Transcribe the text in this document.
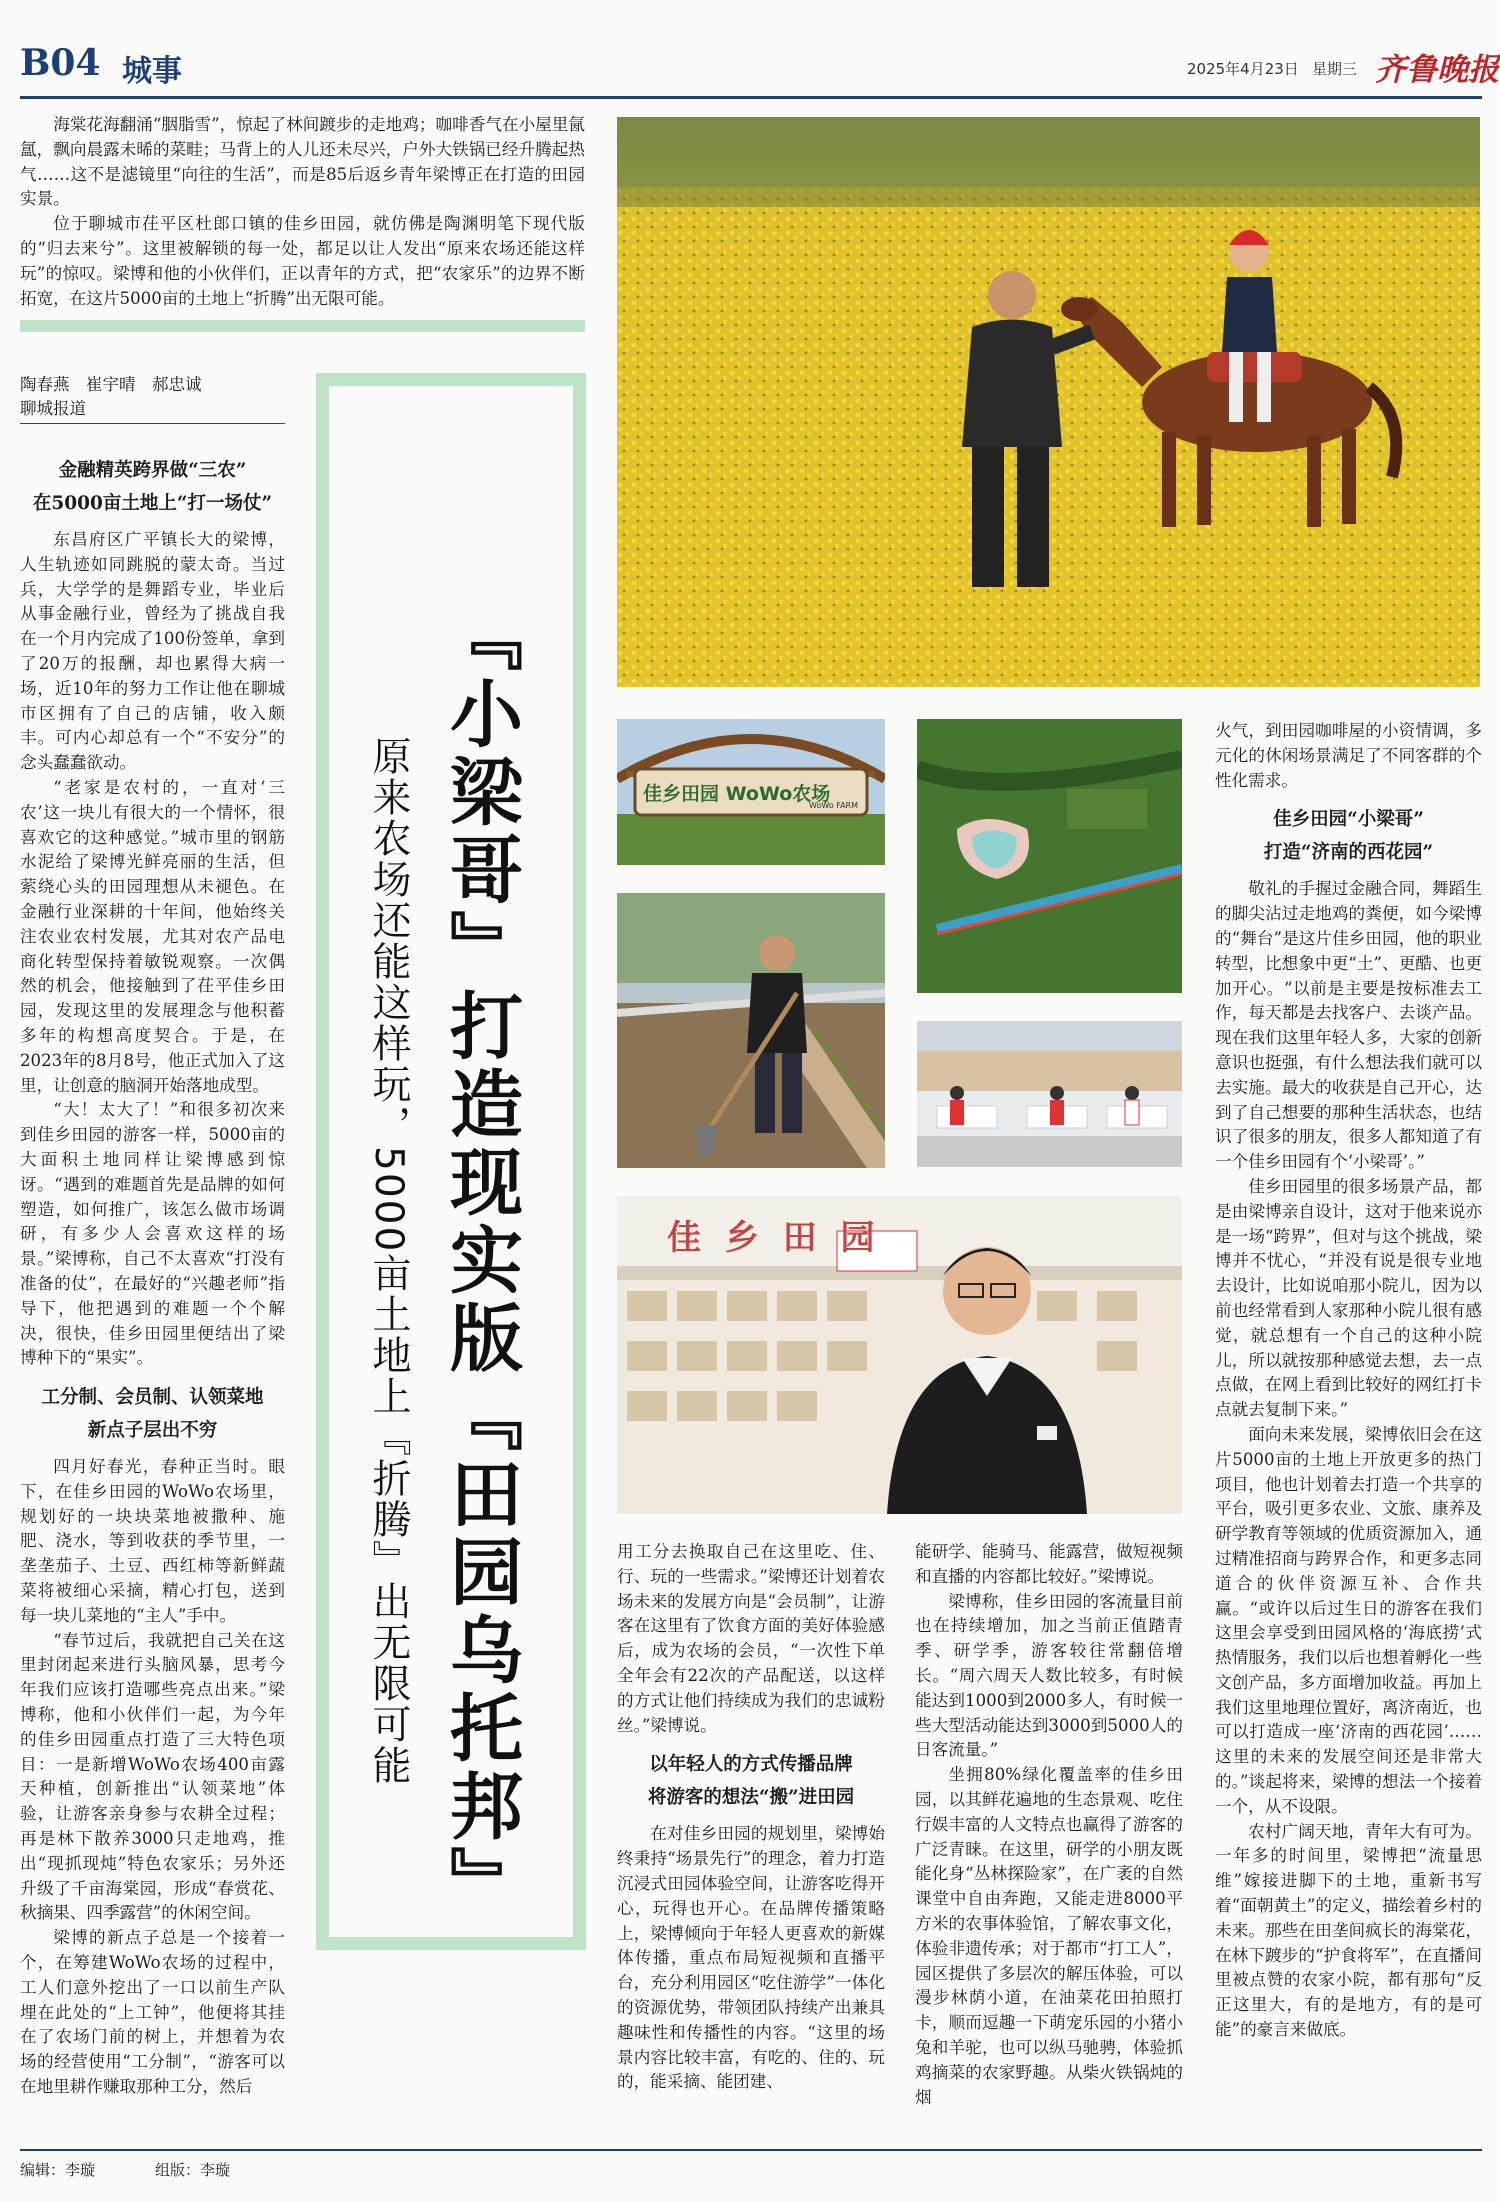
B04 城事	2025年4月23日 星期三 齐鲁晚报

海棠花海翻涌“胭脂雪”，惊起了林间踱步的走地鸡；咖啡香气在小屋里氤氲，飘向晨露未晞的菜畦；马背上的人儿还未尽兴，户外大铁锅已经升腾起热气……这不是滤镜里“向往的生活”，而是85后返乡青年梁博正在打造的田园实景。

位于聊城市茌平区杜郎口镇的佳乡田园，就仿佛是陶渊明笔下现代版的“归去来兮”。这里被解锁的每一处，都足以让人发出“原来农场还能这样玩”的惊叹。梁博和他的小伙伴们，正以青年的方式，把“农家乐”的边界不断拓宽，在这片5000亩的土地上“折腾”出无限可能。

陶春燕　崔宇晴　郝忠诚
聊城报道
『小梁哥』打造现实版『田园乌托邦』
原来农场还能这样玩，5000亩土地上『折腾』出无限可能
金融精英跨界做“三农”
在5000亩土地上“打一场仗”

东昌府区广平镇长大的梁博，人生轨迹如同跳脱的蒙太奇。当过兵，大学学的是舞蹈专业，毕业后从事金融行业，曾经为了挑战自我在一个月内完成了100份签单，拿到了20万的报酬，却也累得大病一场，近10年的努力工作让他在聊城市区拥有了自己的店铺，收入颇丰。可内心却总有一个“不安分”的念头蠢蠢欲动。

“老家是农村的，一直对‘三农’这一块儿有很大的一个情怀，很喜欢它的这种感觉。”城市里的钢筋水泥给了梁博光鲜亮丽的生活，但萦绕心头的田园理想从未褪色。在金融行业深耕的十年间，他始终关注农业农村发展，尤其对农产品电商化转型保持着敏锐观察。一次偶然的机会，他接触到了茌平佳乡田园，发现这里的发展理念与他积蓄多年的构想高度契合。于是，在2023年的8月8号，他正式加入了这里，让创意的脑洞开始落地成型。

“大！太大了！”和很多初次来到佳乡田园的游客一样，5000亩的大面积土地同样让梁博感到惊讶。“遇到的难题首先是品牌的如何塑造，如何推广，该怎么做市场调研，有多少人会喜欢这样的场景。”梁博称，自己不太喜欢“打没有准备的仗”，在最好的“兴趣老师”指导下，他把遇到的难题一个个解决，很快，佳乡田园里便结出了梁博种下的“果实”。

工分制、会员制、认领菜地
新点子层出不穷

四月好春光，春种正当时。眼下，在佳乡田园的WoWo农场里，规划好的一块块菜地被撒种、施肥、浇水，等到收获的季节里，一垄垄茄子、土豆、西红柿等新鲜蔬菜将被细心采摘，精心打包，送到每一块儿菜地的“主人”手中。

“春节过后，我就把自己关在这里封闭起来进行头脑风暴，思考今年我们应该打造哪些亮点出来。”梁博称，他和小伙伴们一起，为今年的佳乡田园重点打造了三大特色项目：一是新增WoWo农场400亩露天种植，创新推出“认领菜地”体验，让游客亲身参与农耕全过程；再是林下散养3000只走地鸡，推出“现抓现炖”特色农家乐；另外还升级了千亩海棠园，形成“春赏花、秋摘果、四季露营”的休闲空间。

梁博的新点子总是一个接着一个，在筹建WoWo农场的过程中，工人们意外挖出了一口以前生产队埋在此处的“上工钟”，他便将其挂在了农场门前的树上，并想着为农场的经营使用“工分制”，“游客可以在地里耕作赚取那种工分，然后

佳乡田园 WoWo农场
WoWo FARM
佳 乡 田 园

用工分去换取自己在这里吃、住、行、玩的一些需求。”梁博还计划着农场未来的发展方向是“会员制”，让游客在这里有了饮食方面的美好体验感后，成为农场的会员，“一次性下单全年会有22次的产品配送，以这样的方式让他们持续成为我们的忠诚粉丝。”梁博说。

以年轻人的方式传播品牌
将游客的想法“搬”进田园

在对佳乡田园的规划里，梁博始终秉持“场景先行”的理念，着力打造沉浸式田园体验空间，让游客吃得开心，玩得也开心。在品牌传播策略上，梁博倾向于年轻人更喜欢的新媒体传播，重点布局短视频和直播平台，充分利用园区“吃住游学”一体化的资源优势，带领团队持续产出兼具趣味性和传播性的内容。“这里的场景内容比较丰富，有吃的、住的、玩的，能采摘、能团建、

能研学、能骑马、能露营，做短视频和直播的内容都比较好。”梁博说。

梁博称，佳乡田园的客流量目前也在持续增加，加之当前正值踏青季、研学季，游客较往常翻倍增长。“周六周天人数比较多，有时候能达到1000到2000多人，有时候一些大型活动能达到3000到5000人的日客流量。”

坐拥80%绿化覆盖率的佳乡田园，以其鲜花遍地的生态景观、吃住行娱丰富的人文特点也赢得了游客的广泛青睐。在这里，研学的小朋友既能化身“丛林探险家”，在广袤的自然课堂中自由奔跑，又能走进8000平方米的农事体验馆，了解农事文化，体验非遗传承；对于都市“打工人”，园区提供了多层次的解压体验，可以漫步林荫小道，在油菜花田拍照打卡，顺而逗趣一下萌宠乐园的小猪小兔和羊驼，也可以纵马驰骋，体验抓鸡摘菜的农家野趣。从柴火铁锅炖的烟

火气，到田园咖啡屋的小资情调，多元化的休闲场景满足了不同客群的个性化需求。

佳乡田园“小梁哥”
打造“济南的西花园”

敬礼的手握过金融合同，舞蹈生的脚尖沾过走地鸡的粪便，如今梁博的“舞台”是这片佳乡田园，他的职业转型，比想象中更“土”、更酷、也更加开心。“以前是主要是按标准去工作，每天都是去找客户、去谈产品。现在我们这里年轻人多，大家的创新意识也挺强，有什么想法我们就可以去实施。最大的收获是自己开心，达到了自己想要的那种生活状态，也结识了很多的朋友，很多人都知道了有一个佳乡田园有个‘小梁哥’。”

佳乡田园里的很多场景产品，都是由梁博亲自设计，这对于他来说亦是一场“跨界”，但对与这个挑战，梁博并不忧心，“并没有说是很专业地去设计，比如说咱那小院儿，因为以前也经常看到人家那种小院儿很有感觉，就总想有一个自己的这种小院儿，所以就按那种感觉去想，去一点点做，在网上看到比较好的网红打卡点就去复制下来。”

面向未来发展，梁博依旧会在这片5000亩的土地上开放更多的热门项目，他也计划着去打造一个共享的平台，吸引更多农业、文旅、康养及研学教育等领域的优质资源加入，通过精准招商与跨界合作，和更多志同道合的伙伴资源互补、合作共赢。“或许以后过生日的游客在我们这里会享受到田园风格的‘海底捞’式热情服务，我们以后也想着孵化一些文创产品，多方面增加收益。再加上我们这里地理位置好，离济南近，也可以打造成一座‘济南的西花园’……这里的未来的发展空间还是非常大的。”谈起将来，梁博的想法一个接着一个，从不设限。

农村广阔天地，青年大有可为。一年多的时间里，梁博把“流量思维”嫁接进脚下的土地，重新书写着“面朝黄土”的定义，描绘着乡村的未来。那些在田垄间疯长的海棠花，在林下踱步的“护食将军”，在直播间里被点赞的农家小院，都有那句“反正这里大，有的是地方，有的是可能”的豪言来做底。

编辑：李璇	组版：李璇
